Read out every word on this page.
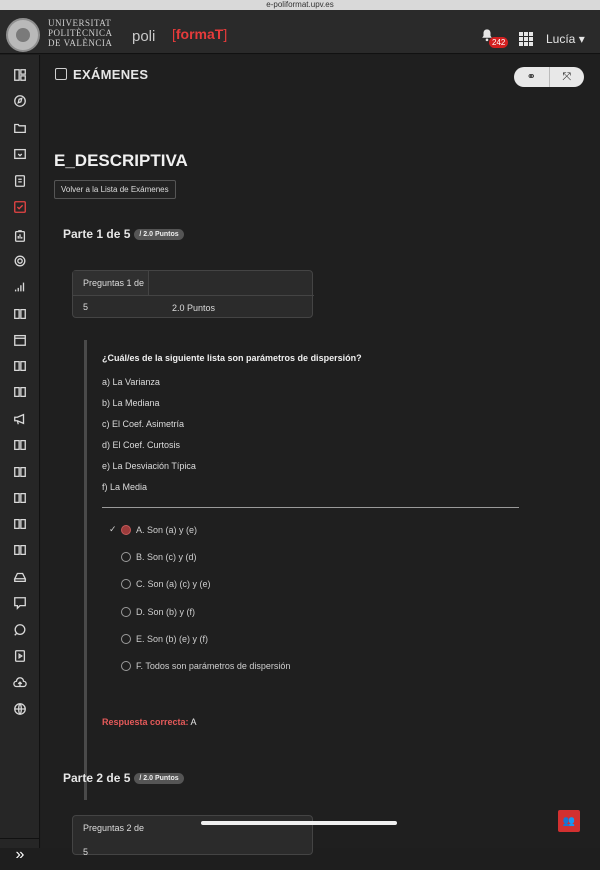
e-poliformat.upv.es
UNIVERSITAT
POLITÈCNICA
DE VALÈNCIA poli [formaT]
242	Lucía ▾
»
EXÁMENES	⚭	⤧
E_DESCRIPTIVA
Volver a la Lista de Exámenes
Parte 1 de 5 / 2.0 Puntos
Preguntas 1 de 5	2.0 Puntos
¿Cuál/es de la siguiente lista son parámetros de dispersión?
a) La Varianza
b) La Mediana
c) El Coef. Asimetría
d) El Coef. Curtosis
e) La Desviación Típica
f) La Media
✓	A. Son (a) y (e)
B. Son (c) y (d)
C. Son (a) (c) y (e)
D. Son (b) y (f)
E. Son (b) (e) y (f)
F. Todos son parámetros de dispersión
Respuesta correcta: A
Parte 2 de 5 / 2.0 Puntos
Preguntas 2 de 5
👥
